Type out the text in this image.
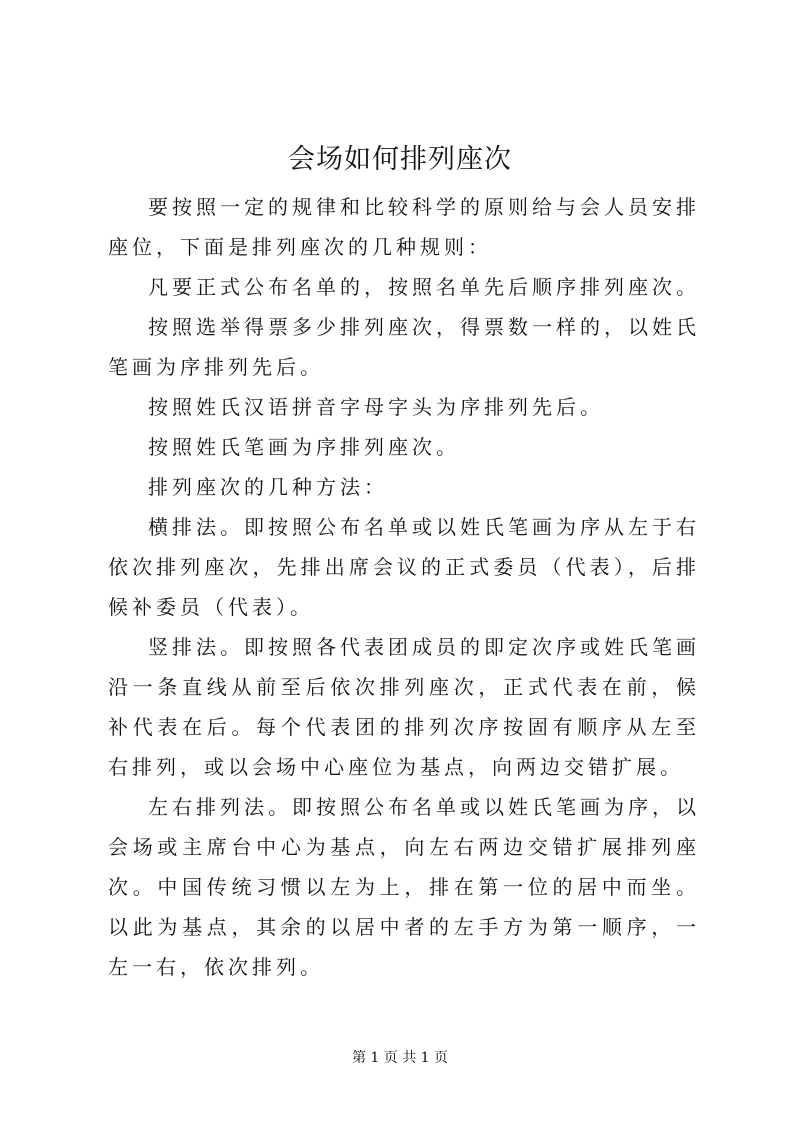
会场如何排列座次

要按照一定的规律和比较科学的原则给与会人员安排座位，下面是排列座次的几种规则：

凡要正式公布名单的，按照名单先后顺序排列座次。

按照选举得票多少排列座次，得票数一样的，以姓氏笔画为序排列先后。

按照姓氏汉语拼音字母字头为序排列先后。

按照姓氏笔画为序排列座次。

排列座次的几种方法：

横排法。即按照公布名单或以姓氏笔画为序从左于右依次排列座次，先排出席会议的正式委员（代表），后排候补委员（代表）。

竖排法。即按照各代表团成员的即定次序或姓氏笔画沿一条直线从前至后依次排列座次，正式代表在前，候补代表在后。每个代表团的排列次序按固有顺序从左至右排列，或以会场中心座位为基点，向两边交错扩展。

左右排列法。即按照公布名单或以姓氏笔画为序，以会场或主席台中心为基点，向左右两边交错扩展排列座次。中国传统习惯以左为上，排在第一位的居中而坐。以此为基点，其余的以居中者的左手方为第一顺序，一左一右，依次排列。

第 1 页 共 1 页
